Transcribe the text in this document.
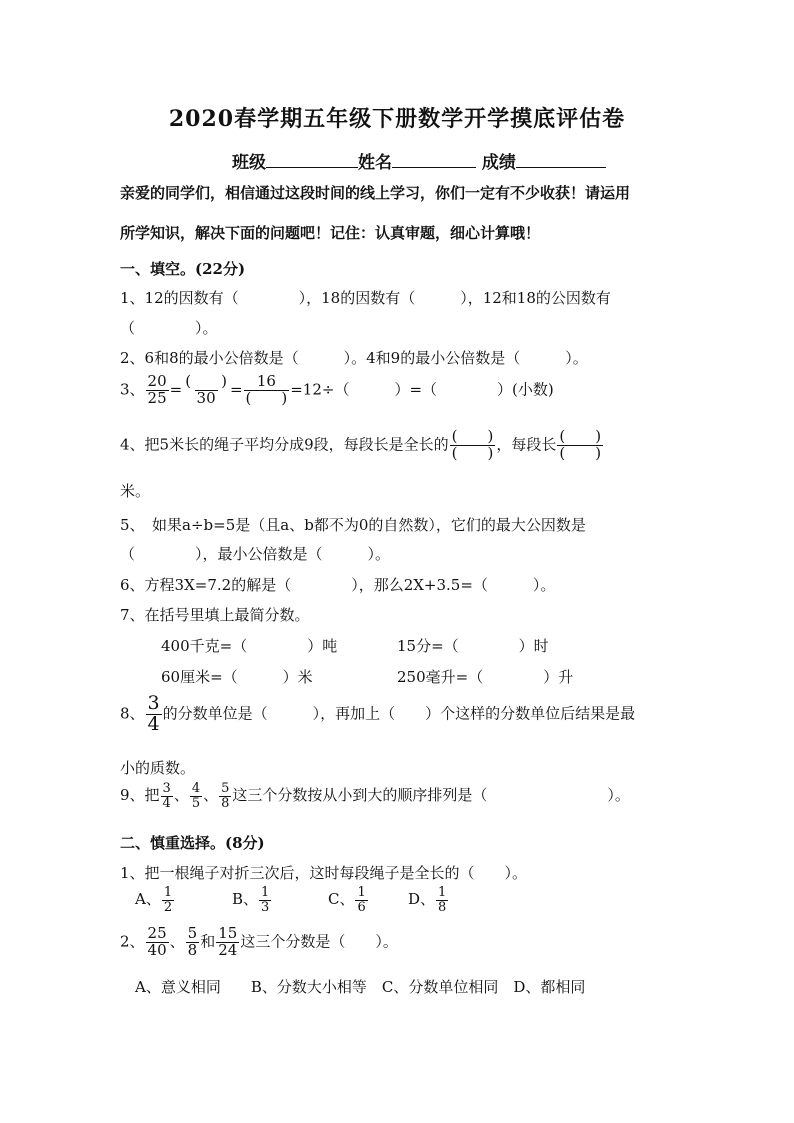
2020春学期五年级下册数学开学摸底评估卷
班级	姓名	成绩
亲爱的同学们，相信通过这段时间的线上学习，你们一定有不少收获！请运用
所学知识，解决下面的问题吧！记住：认真审题，细心计算哦！
一、填空。(22分)
1、12的因数有（　　　　），18的因数有（　　　），12和18的公因数有
（　　　　）。
2、6和8的最小公倍数是（　　　）。4和9的最小公倍数是（　　　）。
3、 $\frac{20}{25} = \frac{( )}{30} = \frac{16}{( )} =12\div$（　　　）=（　　　　）(小数)
4、把5米长的绳子平均分成9段，每段长是全长的 $\frac{( )}{( )}$ ，每段长 $\frac{( )}{( )}$
米。
5、　如果a÷b=5是（且a、b都不为0的自然数），它们的最大公因数是
（　　　　），最小公倍数是（　　　）。
6、方程3X=7.2的解是（　　　　），那么2X+3.5=（　　　）。
7、在括号里填上最简分数。
400千克=（　　　　）吨	15分=（　　　　）时
60厘米=（　　　）米	250毫升=（　　　　）升
8、 $\frac{3}{4}$ 的分数单位是（　　　），再加上（　　）个这样的分数单位后结果是最
小的质数。
9、把 $\frac{3}{4}$ 、 $\frac{4}{5}$ 、 $\frac{5}{8}$ 这三个分数按从小到大的顺序排列是（　　　　　　　　）。
二、慎重选择。(8分)
1、把一根绳子对折三次后，这时每段绳子是全长的（　　）。
A、 $\frac{1}{2}$	B、 $\frac{1}{3}$	C、 $\frac{1}{6}$	D、 $\frac{1}{8}$
2、 $\frac{25}{40}$ 、 $\frac{5}{8}$ 和 $\frac{15}{24}$ 这三个分数是（　　）。
A、意义相同　　B、分数大小相等　C、分数单位相同　D、都相同
